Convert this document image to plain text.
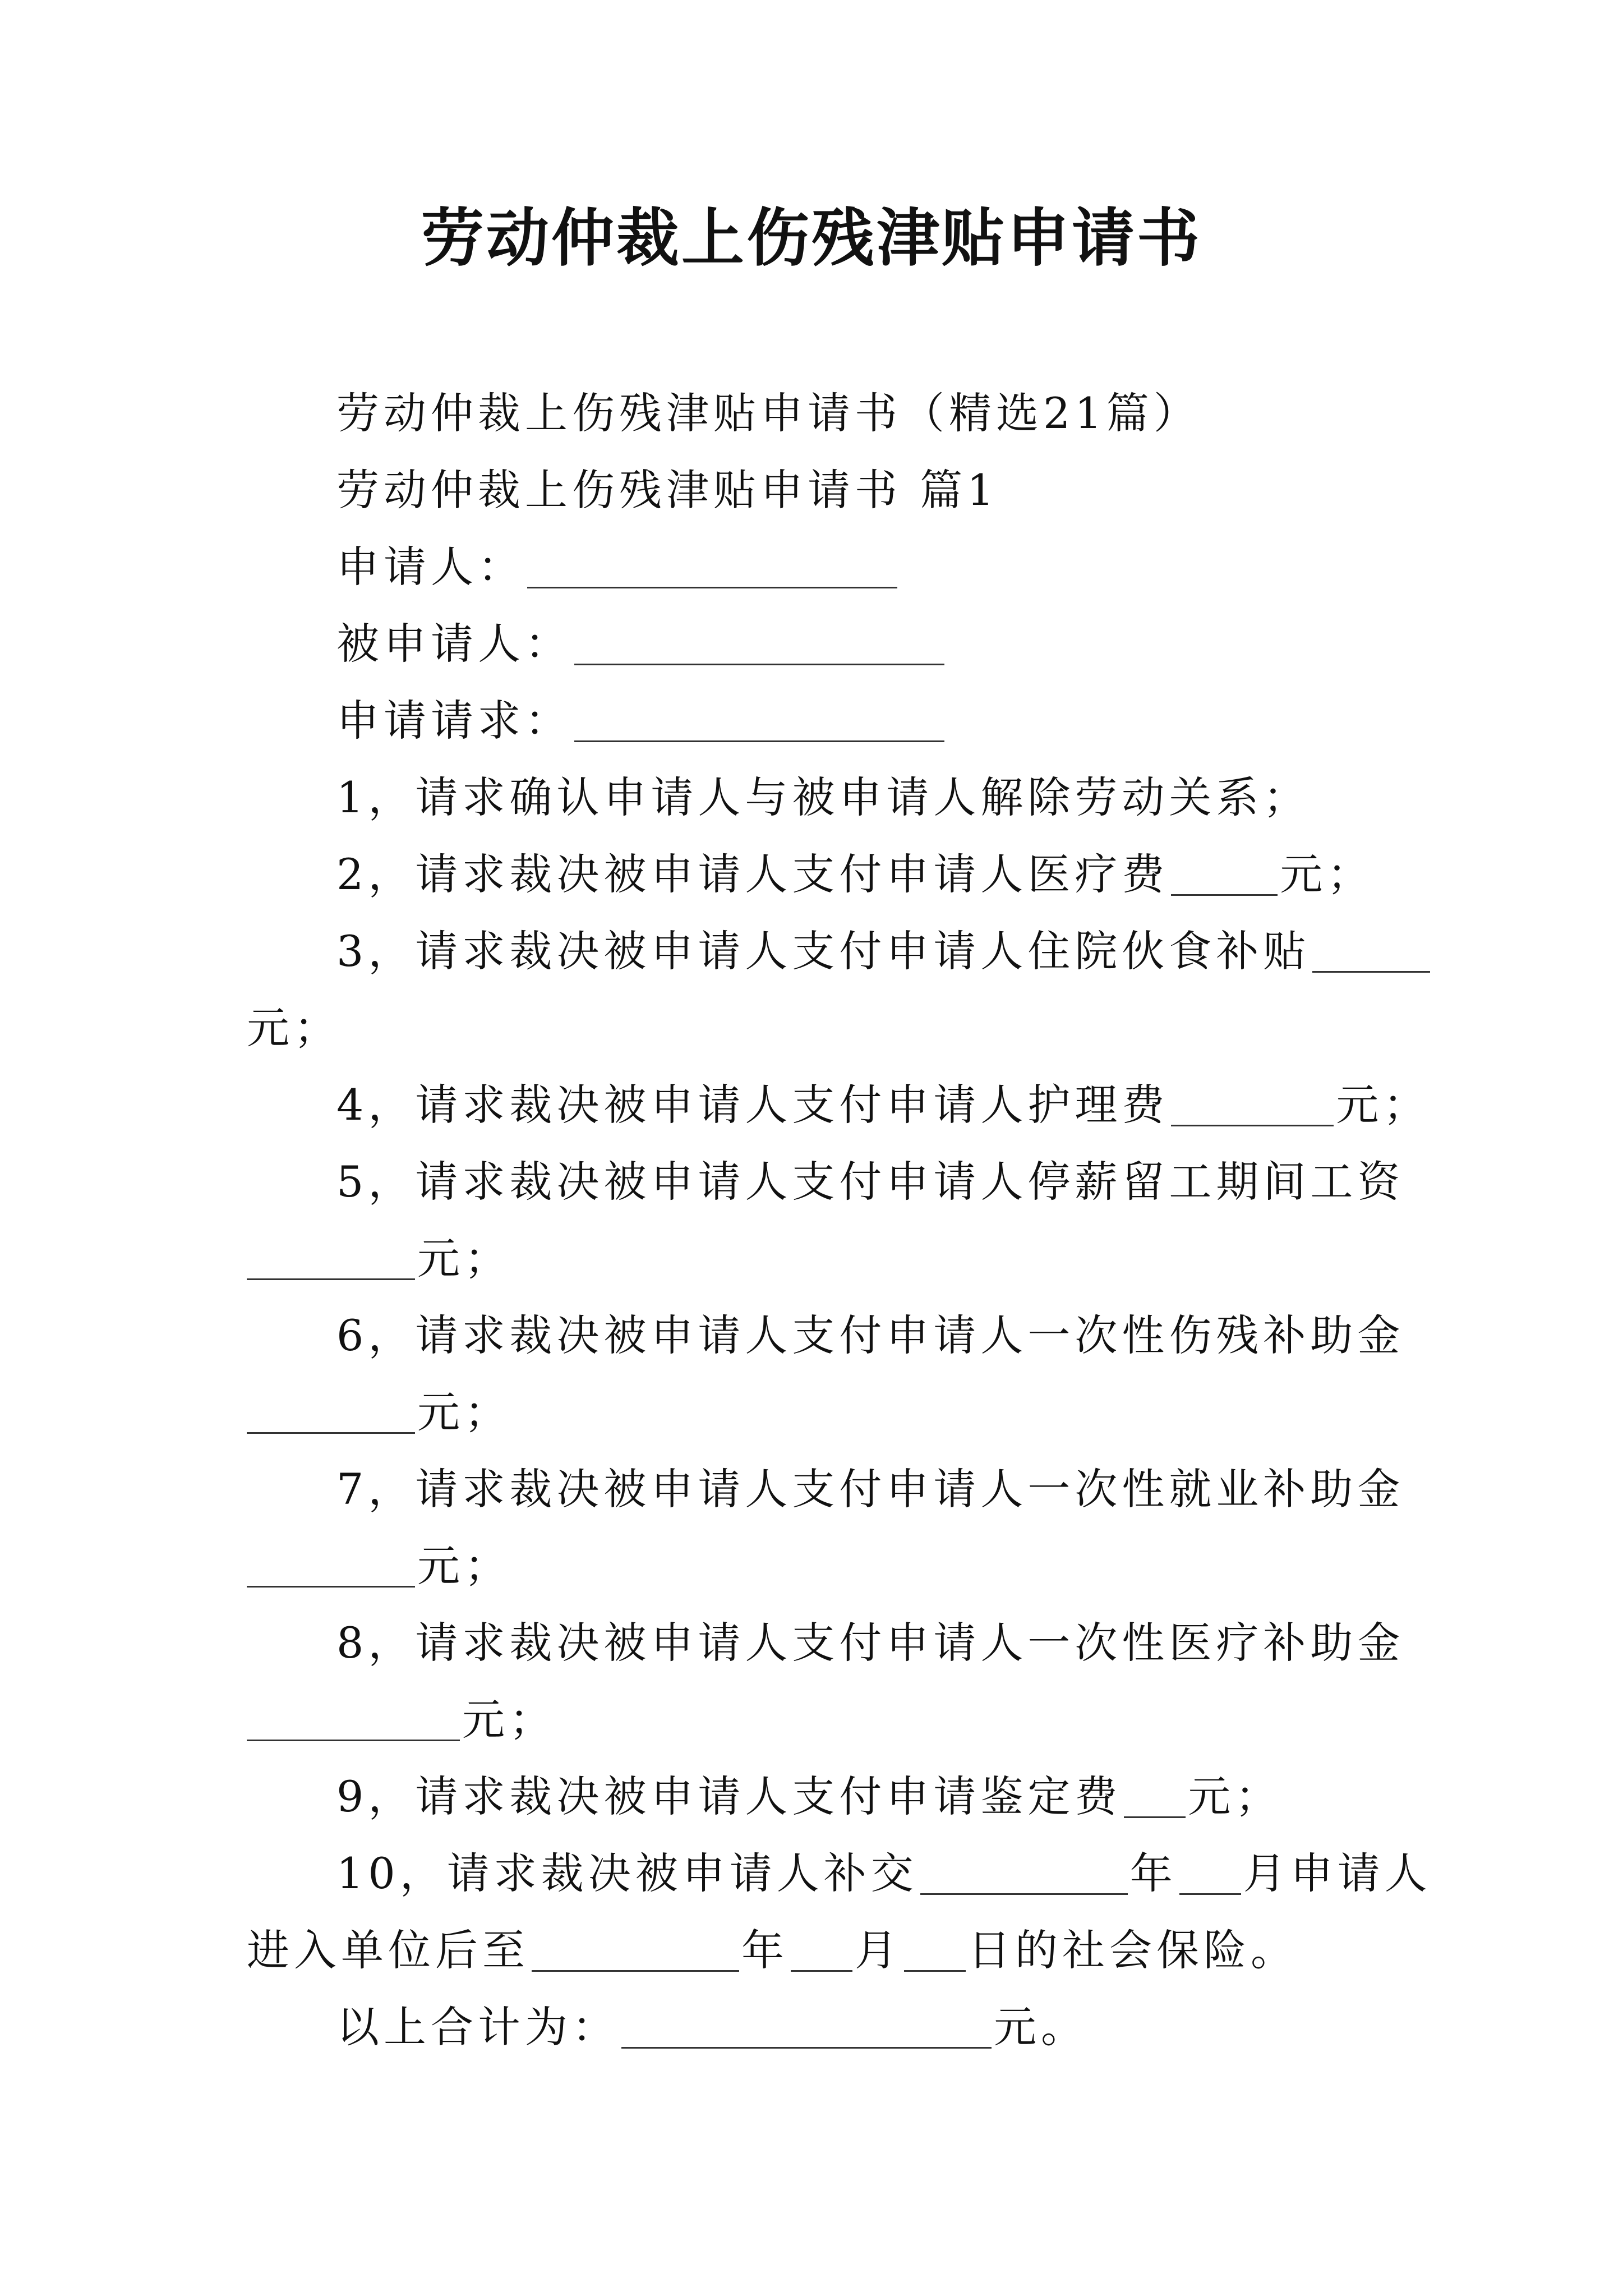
劳动仲裁上伤残津贴申请书
劳动仲裁上伤残津贴申请书（精选21篇）
劳动仲裁上伤残津贴申请书 篇1
申请人：
被申请人：
申请请求：
1，请求确认申请人与被申请人解除劳动关系；
2，请求裁决被申请人支付申请人医疗费	元；
3，请求裁决被申请人支付申请人住院伙食补贴
元；
4，请求裁决被申请人支付申请人护理费	元；
5，请求裁决被申请人支付申请人停薪留工期间工资
元；
6，请求裁决被申请人支付申请人一次性伤残补助金
元；
7，请求裁决被申请人支付申请人一次性就业补助金
元；
8，请求裁决被申请人支付申请人一次性医疗补助金
元；
9，请求裁决被申请人支付申请鉴定费 元；
10，请求裁决被申请人补交	年 月申请人
进入单位后至	年 月 日的社会保险。
以上合计为：	元。
